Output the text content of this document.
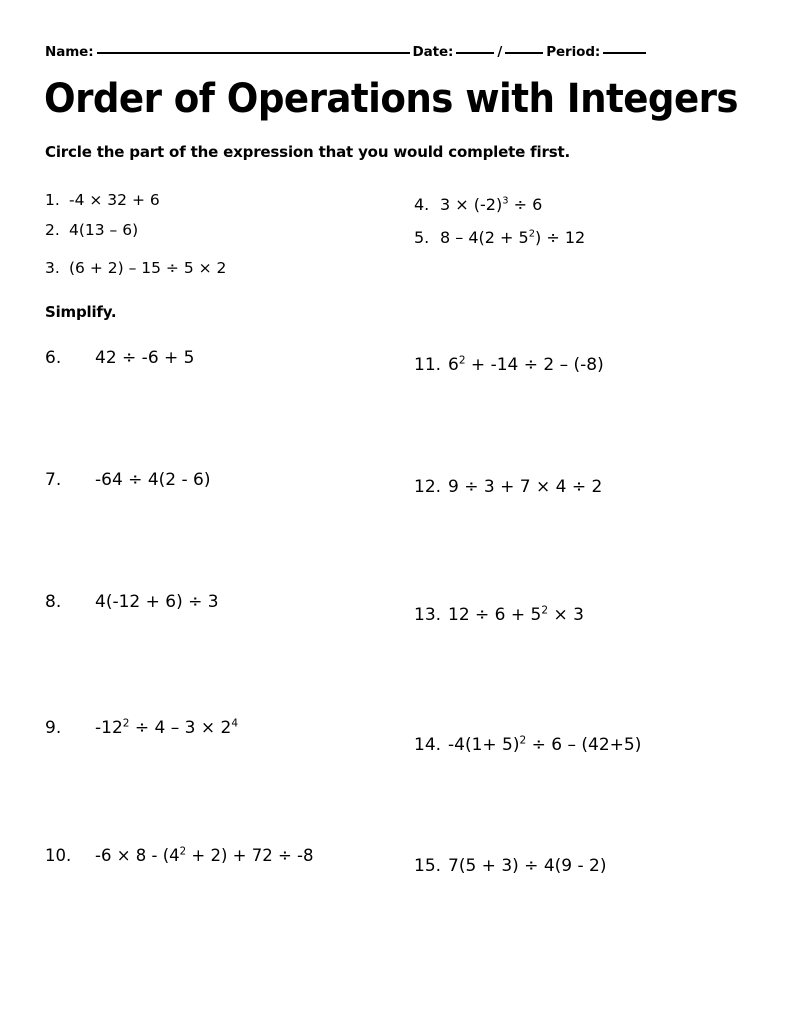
Name:	Date:	/	Period:
Order of Operations with Integers
Circle the part of the expression that you would complete first.
1. -4 × 32 + 6
2. 4(13 – 6)
3. (6 + 2) – 15 ÷ 5 × 2
4. $3 \times (-2)^3 \div 6$
5. $8 - 4(2 + 5^2) \div 12$
Simplify.
6.	42 ÷ -6 + 5
7.	-64 ÷ 4(2 - 6)
8.	4(-12 + 6) ÷ 3
9.	$-12^2 \div 4 - 3 \times 2^4$
10.	$-6 \times 8 - (4^2 + 2) + 72 \div -8$
11. $6^2 + -14 \div 2 - (-8)$
12. 9 ÷ 3 + 7 × 4 ÷ 2
13. $12 \div 6 + 5^2 \times 3$
14. $-4(1+ 5)^2 \div 6 - (42+5)$
15. 7(5 + 3) ÷ 4(9 - 2)
